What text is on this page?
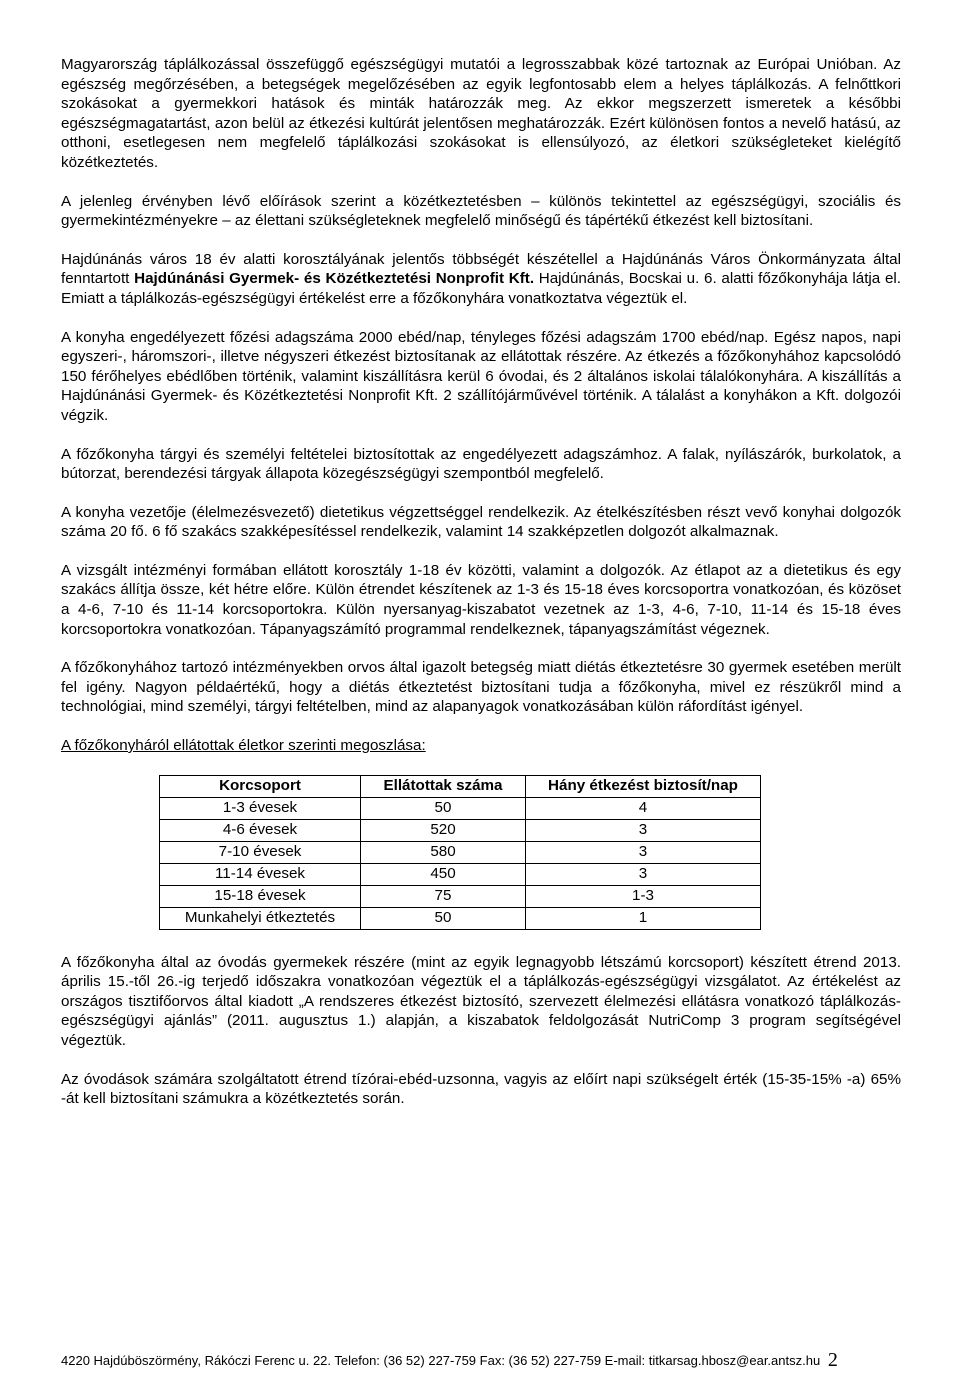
Magyarország táplálkozással összefüggő egészségügyi mutatói a legrosszabbak közé tartoznak az Európai Unióban. Az egészség megőrzésében, a betegségek megelőzésében az egyik legfontosabb elem a helyes táplálkozás. A felnőttkori szokásokat a gyermekkori hatások és minták határozzák meg. Az ekkor megszerzett ismeretek a későbbi egészségmagatartást, azon belül az étkezési kultúrát jelentősen meghatározzák. Ezért különösen fontos a nevelő hatású, az otthoni, esetlegesen nem megfelelő táplálkozási szokásokat is ellensúlyozó, az életkori szükségleteket kielégítő közétkeztetés.

A jelenleg érvényben lévő előírások szerint a közétkeztetésben – különös tekintettel az egészségügyi, szociális és gyermekintézményekre – az élettani szükségleteknek megfelelő minőségű és tápértékű étkezést kell biztosítani.

Hajdúnánás város 18 év alatti korosztályának jelentős többségét készétellel a Hajdúnánás Város Önkormányzata által fenntartott Hajdúnánási Gyermek- és Közétkeztetési Nonprofit Kft. Hajdúnánás, Bocskai u. 6. alatti főzőkonyhája látja el. Emiatt a táplálkozás-egészségügyi értékelést erre a főzőkonyhára vonatkoztatva végeztük el.

A konyha engedélyezett főzési adagszáma 2000 ebéd/nap, tényleges főzési adagszám 1700 ebéd/nap. Egész napos, napi egyszeri-, háromszori-, illetve négyszeri étkezést biztosítanak az ellátottak részére. Az étkezés a főzőkonyhához kapcsolódó 150 férőhelyes ebédlőben történik, valamint kiszállításra kerül 6 óvodai, és 2 általános iskolai tálalókonyhára. A kiszállítás a Hajdúnánási Gyermek- és Közétkeztetési Nonprofit Kft. 2 szállítójárművével történik. A tálalást a konyhákon a Kft. dolgozói végzik.

A főzőkonyha tárgyi és személyi feltételei biztosítottak az engedélyezett adagszámhoz. A falak, nyílászárók, burkolatok, a bútorzat, berendezési tárgyak állapota közegészségügyi szempontból megfelelő.

A konyha vezetője (élelmezésvezető) dietetikus végzettséggel rendelkezik. Az ételkészítésben részt vevő konyhai dolgozók száma 20 fő. 6 fő szakács szakképesítéssel rendelkezik, valamint 14 szakképzetlen dolgozót alkalmaznak.

A vizsgált intézményi formában ellátott korosztály 1-18 év közötti, valamint a dolgozók. Az étlapot az a dietetikus és egy szakács állítja össze, két hétre előre. Külön étrendet készítenek az 1-3 és 15-18 éves korcsoportra vonatkozóan, és közöset a 4-6, 7-10 és 11-14 korcsoportokra. Külön nyersanyag-kiszabatot vezetnek az 1-3, 4-6, 7-10, 11-14 és 15-18 éves korcsoportokra vonatkozóan. Tápanyagszámító programmal rendelkeznek, tápanyagszámítást végeznek.

A főzőkonyhához tartozó intézményekben orvos által igazolt betegség miatt diétás étkeztetésre 30 gyermek esetében merült fel igény. Nagyon példaértékű, hogy a diétás étkeztetést biztosítani tudja a főzőkonyha, mivel ez részükről mind a technológiai, mind személyi, tárgyi feltételben, mind az alapanyagok vonatkozásában külön ráfordítást igényel.

A főzőkonyháról ellátottak életkor szerinti megoszlása:

Korcsoport	Ellátottak száma	Hány étkezést biztosít/nap
1-3 évesek	50	4
4-6 évesek	520	3
7-10 évesek	580	3
11-14 évesek	450	3
15-18 évesek	75	1-3
Munkahelyi étkeztetés	50	1

A főzőkonyha által az óvodás gyermekek részére (mint az egyik legnagyobb létszámú korcsoport) készített étrend 2013. április 15.-től 26.-ig terjedő időszakra vonatkozóan végeztük el a táplálkozás-egészségügyi vizsgálatot. Az értékelést az országos tisztifőorvos által kiadott „A rendszeres étkezést biztosító, szervezett élelmezési ellátásra vonatkozó táplálkozás-egészségügyi ajánlás” (2011. augusztus 1.) alapján, a kiszabatok feldolgozását NutriComp 3 program segítségével végeztük.

Az óvodások számára szolgáltatott étrend tízórai-ebéd-uzsonna, vagyis az előírt napi szükségelt érték (15-35-15% -a) 65% -át kell biztosítani számukra a közétkeztetés során.

4220 Hajdúböszörmény, Rákóczi Ferenc u. 22. Telefon: (36 52) 227-759 Fax: (36 52) 227-759 E-mail: titkarsag.hbosz@ear.antsz.hu 2
